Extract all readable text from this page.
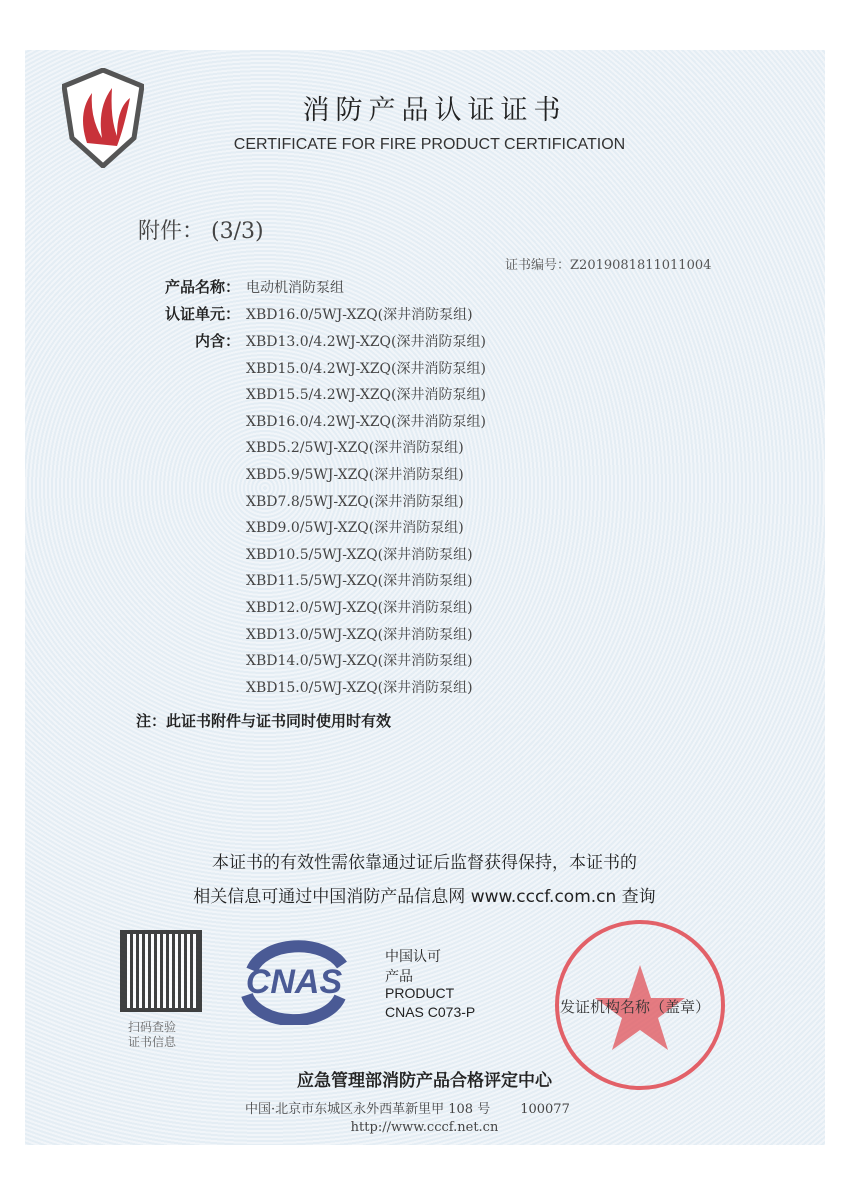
消防产品认证证书
CERTIFICATE FOR FIRE PRODUCT CERTIFICATION
附件： (3/3)
证书编号：Z2019081811011004
产品名称： 电动机消防泵组
认证单元： XBD16.0/5WJ-XZQ(深井消防泵组)
内含： XBD13.0/4.2WJ-XZQ(深井消防泵组)
XBD15.0/4.2WJ-XZQ(深井消防泵组)
XBD15.5/4.2WJ-XZQ(深井消防泵组)
XBD16.0/4.2WJ-XZQ(深井消防泵组)
XBD5.2/5WJ-XZQ(深井消防泵组)
XBD5.9/5WJ-XZQ(深井消防泵组)
XBD7.8/5WJ-XZQ(深井消防泵组)
XBD9.0/5WJ-XZQ(深井消防泵组)
XBD10.5/5WJ-XZQ(深井消防泵组)
XBD11.5/5WJ-XZQ(深井消防泵组)
XBD12.0/5WJ-XZQ(深井消防泵组)
XBD13.0/5WJ-XZQ(深井消防泵组)
XBD14.0/5WJ-XZQ(深井消防泵组)
XBD15.0/5WJ-XZQ(深井消防泵组)
注：此证书附件与证书同时使用时有效
本证书的有效性需依靠通过证后监督获得保持，本证书的
相关信息可通过中国消防产品信息网 www.cccf.com.cn 查询
扫码查验
证书信息
CNAS
中国认可
产品
PRODUCT
CNAS C073-P	发证机构名称（盖章）
应急管理部消防产品合格评定中心
中国·北京市东城区永外西革新里甲 108 号 100077
http://www.cccf.net.cn
